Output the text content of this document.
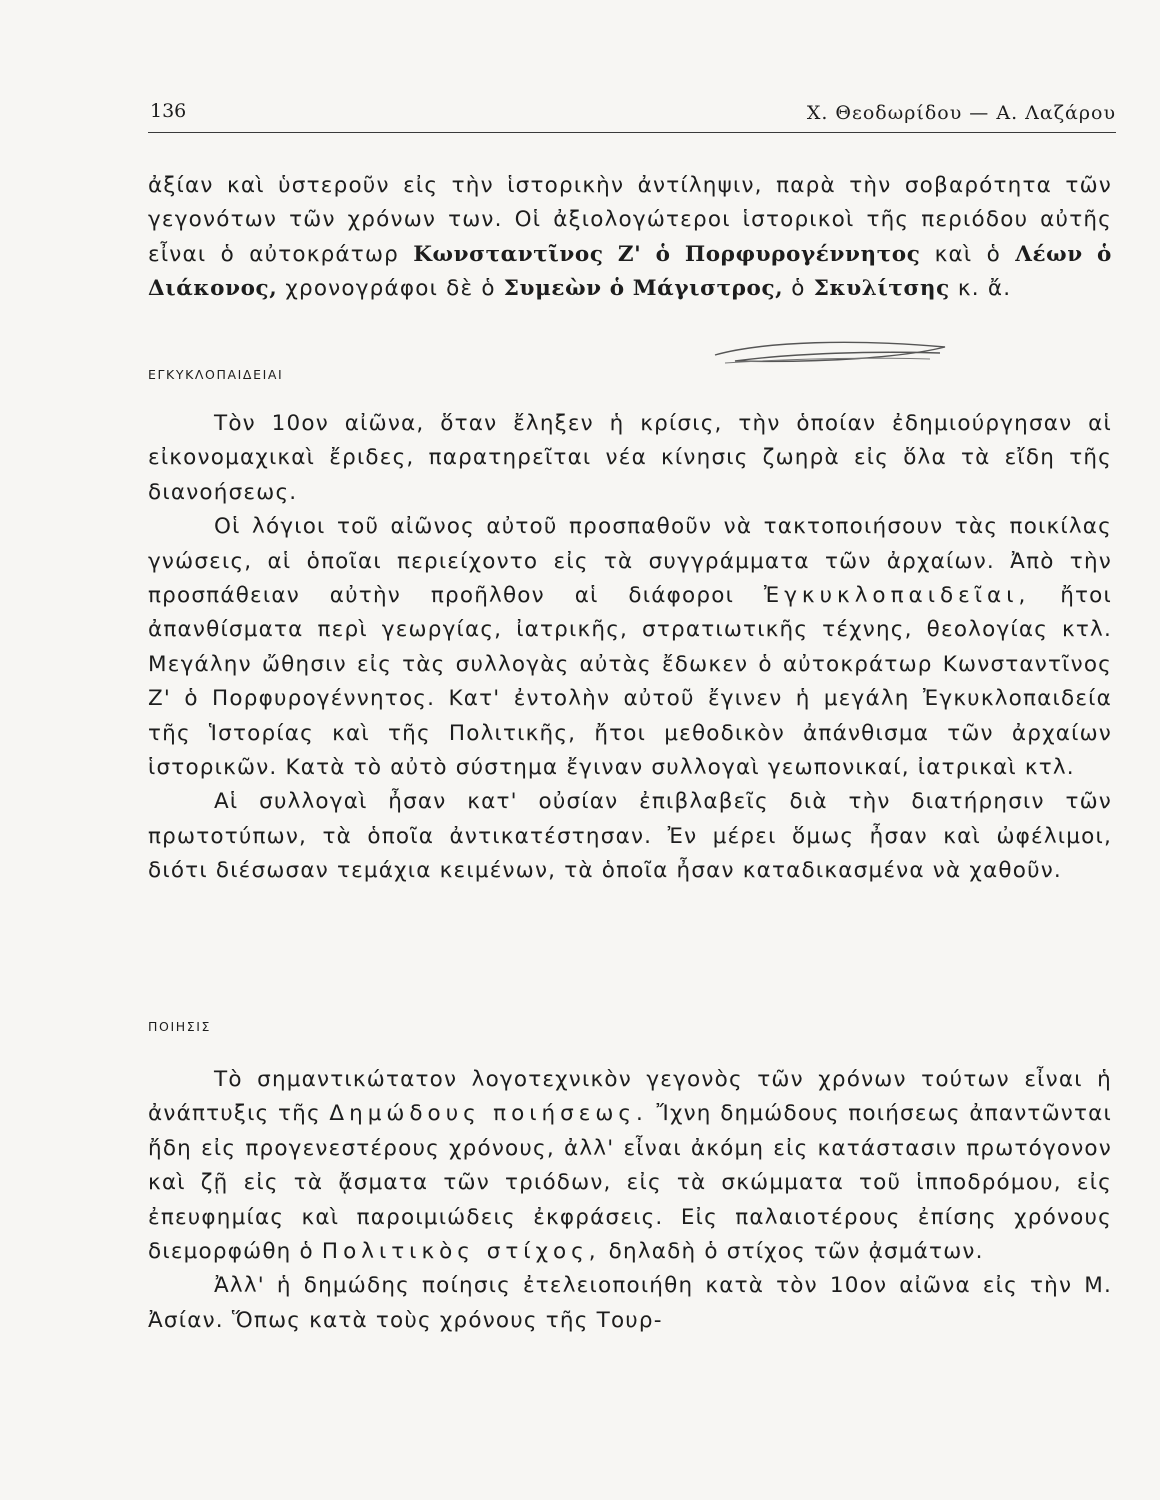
136	Χ. Θεοδωρίδου — Α. Λαζάρου

ἀξίαν καὶ ὑστεροῦν εἰς τὴν ἱστορικὴν ἀντίληψιν, παρὰ τὴν σοβαρότητα τῶν γεγονότων τῶν χρόνων των. Οἱ ἀξιολογώτεροι ἱστορικοὶ τῆς περιόδου αὐτῆς εἶναι ὁ αὐτοκράτωρ Κωνσταντῖνος Ζ' ὁ Πορφυρογέννητος καὶ ὁ Λέων ὁ Διάκονος, χρονογράφοι δὲ ὁ Συμεὼν ὁ Μάγιστρος, ὁ Σκυλίτσης κ. ἄ.

ΕΓΚΥΚΛΟΠΑΙΔΕΙΑΙ

Τὸν 10ον αἰῶνα, ὅταν ἔληξεν ἡ κρίσις, τὴν ὁποίαν ἐδημιούργησαν αἱ εἰκονομαχικαὶ ἔριδες, παρατηρεῖται νέα κίνησις ζωηρὰ εἰς ὅλα τὰ εἴδη τῆς διανοήσεως.

Οἱ λόγιοι τοῦ αἰῶνος αὐτοῦ προσπαθοῦν νὰ τακτοποιήσουν τὰς ποικίλας γνώσεις, αἱ ὁποῖαι περιείχοντο εἰς τὰ συγγράμματα τῶν ἀρχαίων. Ἀπὸ τὴν προσπάθειαν αὐτὴν προῆλθον αἱ διάφοροι Ἐγκυκλοπαιδεῖαι, ἤτοι ἀπανθίσματα περὶ γεωργίας, ἰατρικῆς, στρατιωτικῆς τέχνης, θεολογίας κτλ. Μεγάλην ὤθησιν εἰς τὰς συλλογὰς αὐτὰς ἔδωκεν ὁ αὐτοκράτωρ Κωνσταντῖνος Ζ' ὁ Πορφυρογέννητος. Κατ' ἐντολὴν αὐτοῦ ἔγινεν ἡ μεγάλη Ἐγκυκλοπαιδεία τῆς Ἱστορίας καὶ τῆς Πολιτικῆς, ἤτοι μεθοδικὸν ἀπάνθισμα τῶν ἀρχαίων ἱστορικῶν. Κατὰ τὸ αὐτὸ σύστημα ἔγιναν συλλογαὶ γεωπονικαί, ἰατρικαὶ κτλ.

Αἱ συλλογαὶ ἦσαν κατ' οὐσίαν ἐπιβλαβεῖς διὰ τὴν διατήρησιν τῶν πρωτοτύπων, τὰ ὁποῖα ἀντικατέστησαν. Ἐν μέρει ὅμως ἦσαν καὶ ὠφέλιμοι, διότι διέσωσαν τεμάχια κειμένων, τὰ ὁποῖα ἦσαν καταδικασμένα νὰ χαθοῦν.

ΠΟΙΗΣΙΣ

Τὸ σημαντικώτατον λογοτεχνικὸν γεγονὸς τῶν χρόνων τούτων εἶναι ἡ ἀνάπτυξις τῆς Δημώδους ποιήσεως. Ἴχνη δημώδους ποιήσεως ἀπαντῶνται ἤδη εἰς προγενεστέρους χρόνους, ἀλλ' εἶναι ἀκόμη εἰς κατάστασιν πρωτόγονον καὶ ζῇ εἰς τὰ ᾄσματα τῶν τριόδων, εἰς τὰ σκώμματα τοῦ ἱπποδρόμου, εἰς ἐπευφημίας καὶ παροιμιώδεις ἐκφράσεις. Εἰς παλαιοτέρους ἐπίσης χρόνους διεμορφώθη ὁ Πολιτικὸς στίχος, δηλαδὴ ὁ στίχος τῶν ᾀσμάτων.

Ἀλλ' ἡ δημώδης ποίησις ἐτελειοποιήθη κατὰ τὸν 10ον αἰῶνα εἰς τὴν Μ. Ἀσίαν. Ὅπως κατὰ τοὺς χρόνους τῆς Τουρ-
